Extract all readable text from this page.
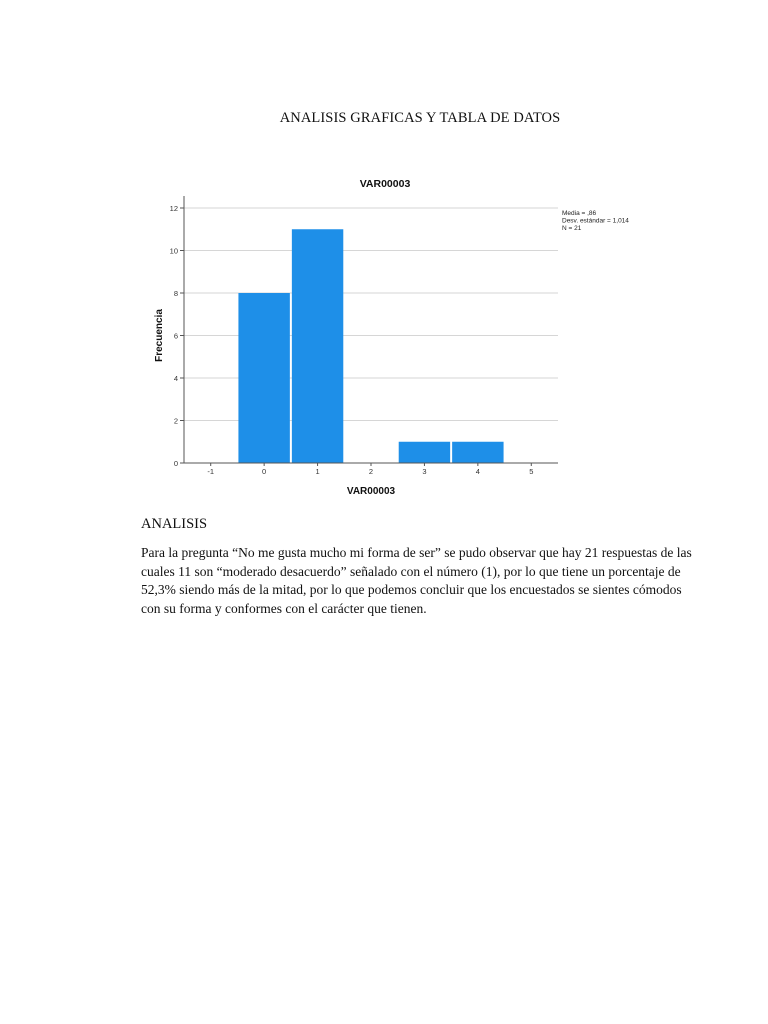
ANALISIS GRAFICAS Y TABLA DE DATOS
0
2
4
6
8
10
12
-1	0	1	2	3	4	5
VAR00003
VAR00003
Frecuencia
Media = ,86
Desv. estándar = 1,014
N = 21
ANALISIS

Para la pregunta “No me gusta mucho mi forma de ser” se pudo observar que hay 21 respuestas de las cuales 11 son “moderado desacuerdo” señalado con el número (1), por lo que tiene un porcentaje de 52,3% siendo más de la mitad, por lo que podemos concluir que los encuestados se sientes cómodos con su forma y conformes con el carácter que tienen.
